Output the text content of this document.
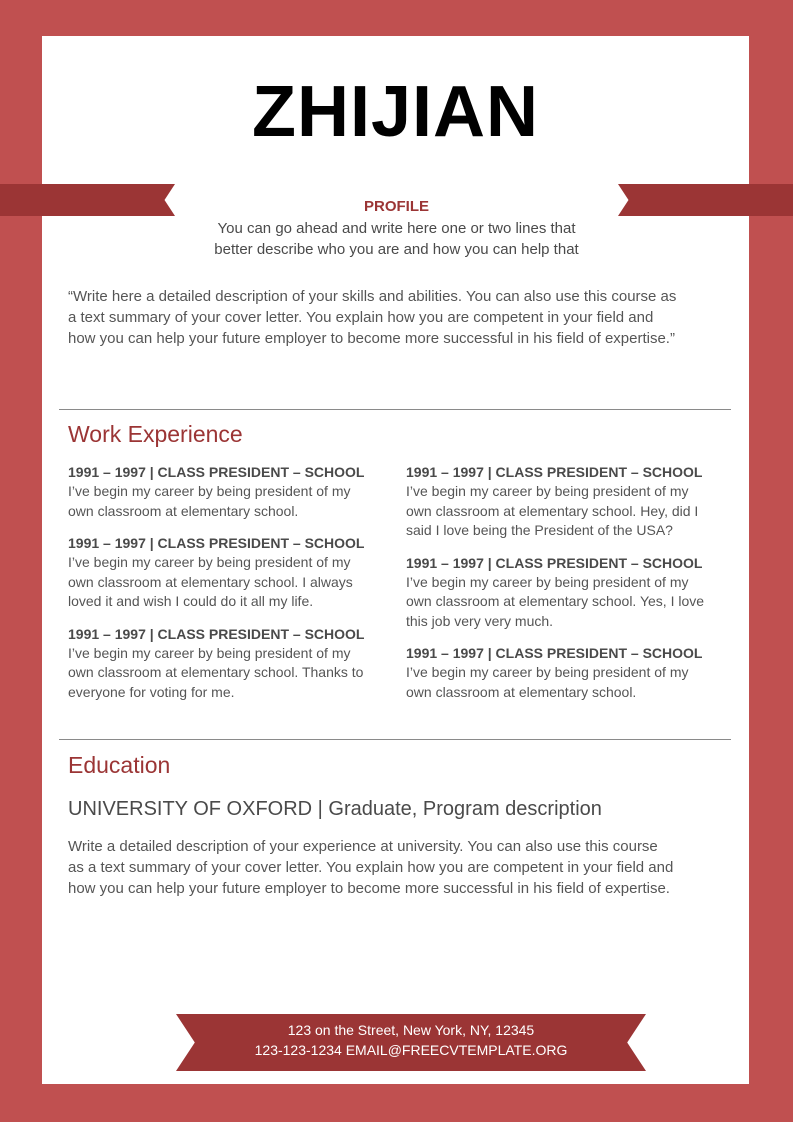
ZHIJIAN
PROFILE
You can go ahead and write here one or two lines that
better describe who you are and how you can help that
“Write here a detailed description of your skills and abilities. You can also use this course as
a text summary of your cover letter. You explain how you are competent in your field and
how you can help your future employer to become more successful in his field of expertise.”
Work Experience
1991 – 1997 | CLASS PRESIDENT – SCHOOL
I’ve begin my career by being president of my
own classroom at elementary school.
1991 – 1997 | CLASS PRESIDENT – SCHOOL
I’ve begin my career by being president of my
own classroom at elementary school. I always
loved it and wish I could do it all my life.
1991 – 1997 | CLASS PRESIDENT – SCHOOL
I’ve begin my career by being president of my
own classroom at elementary school. Thanks to
everyone for voting for me.
1991 – 1997 | CLASS PRESIDENT – SCHOOL
I’ve begin my career by being president of my
own classroom at elementary school. Hey, did I
said I love being the President of the USA?
1991 – 1997 | CLASS PRESIDENT – SCHOOL
I’ve begin my career by being president of my
own classroom at elementary school. Yes, I love
this job very very much.
1991 – 1997 | CLASS PRESIDENT – SCHOOL
I’ve begin my career by being president of my
own classroom at elementary school.
Education
UNIVERSITY OF OXFORD | Graduate, Program description
Write a detailed description of your experience at university. You can also use this course
as a text summary of your cover letter. You explain how you are competent in your field and
how you can help your future employer to become more successful in his field of expertise.
123 on the Street, New York, NY, 12345
123-123-1234 EMAIL@FREECVTEMPLATE.ORG
